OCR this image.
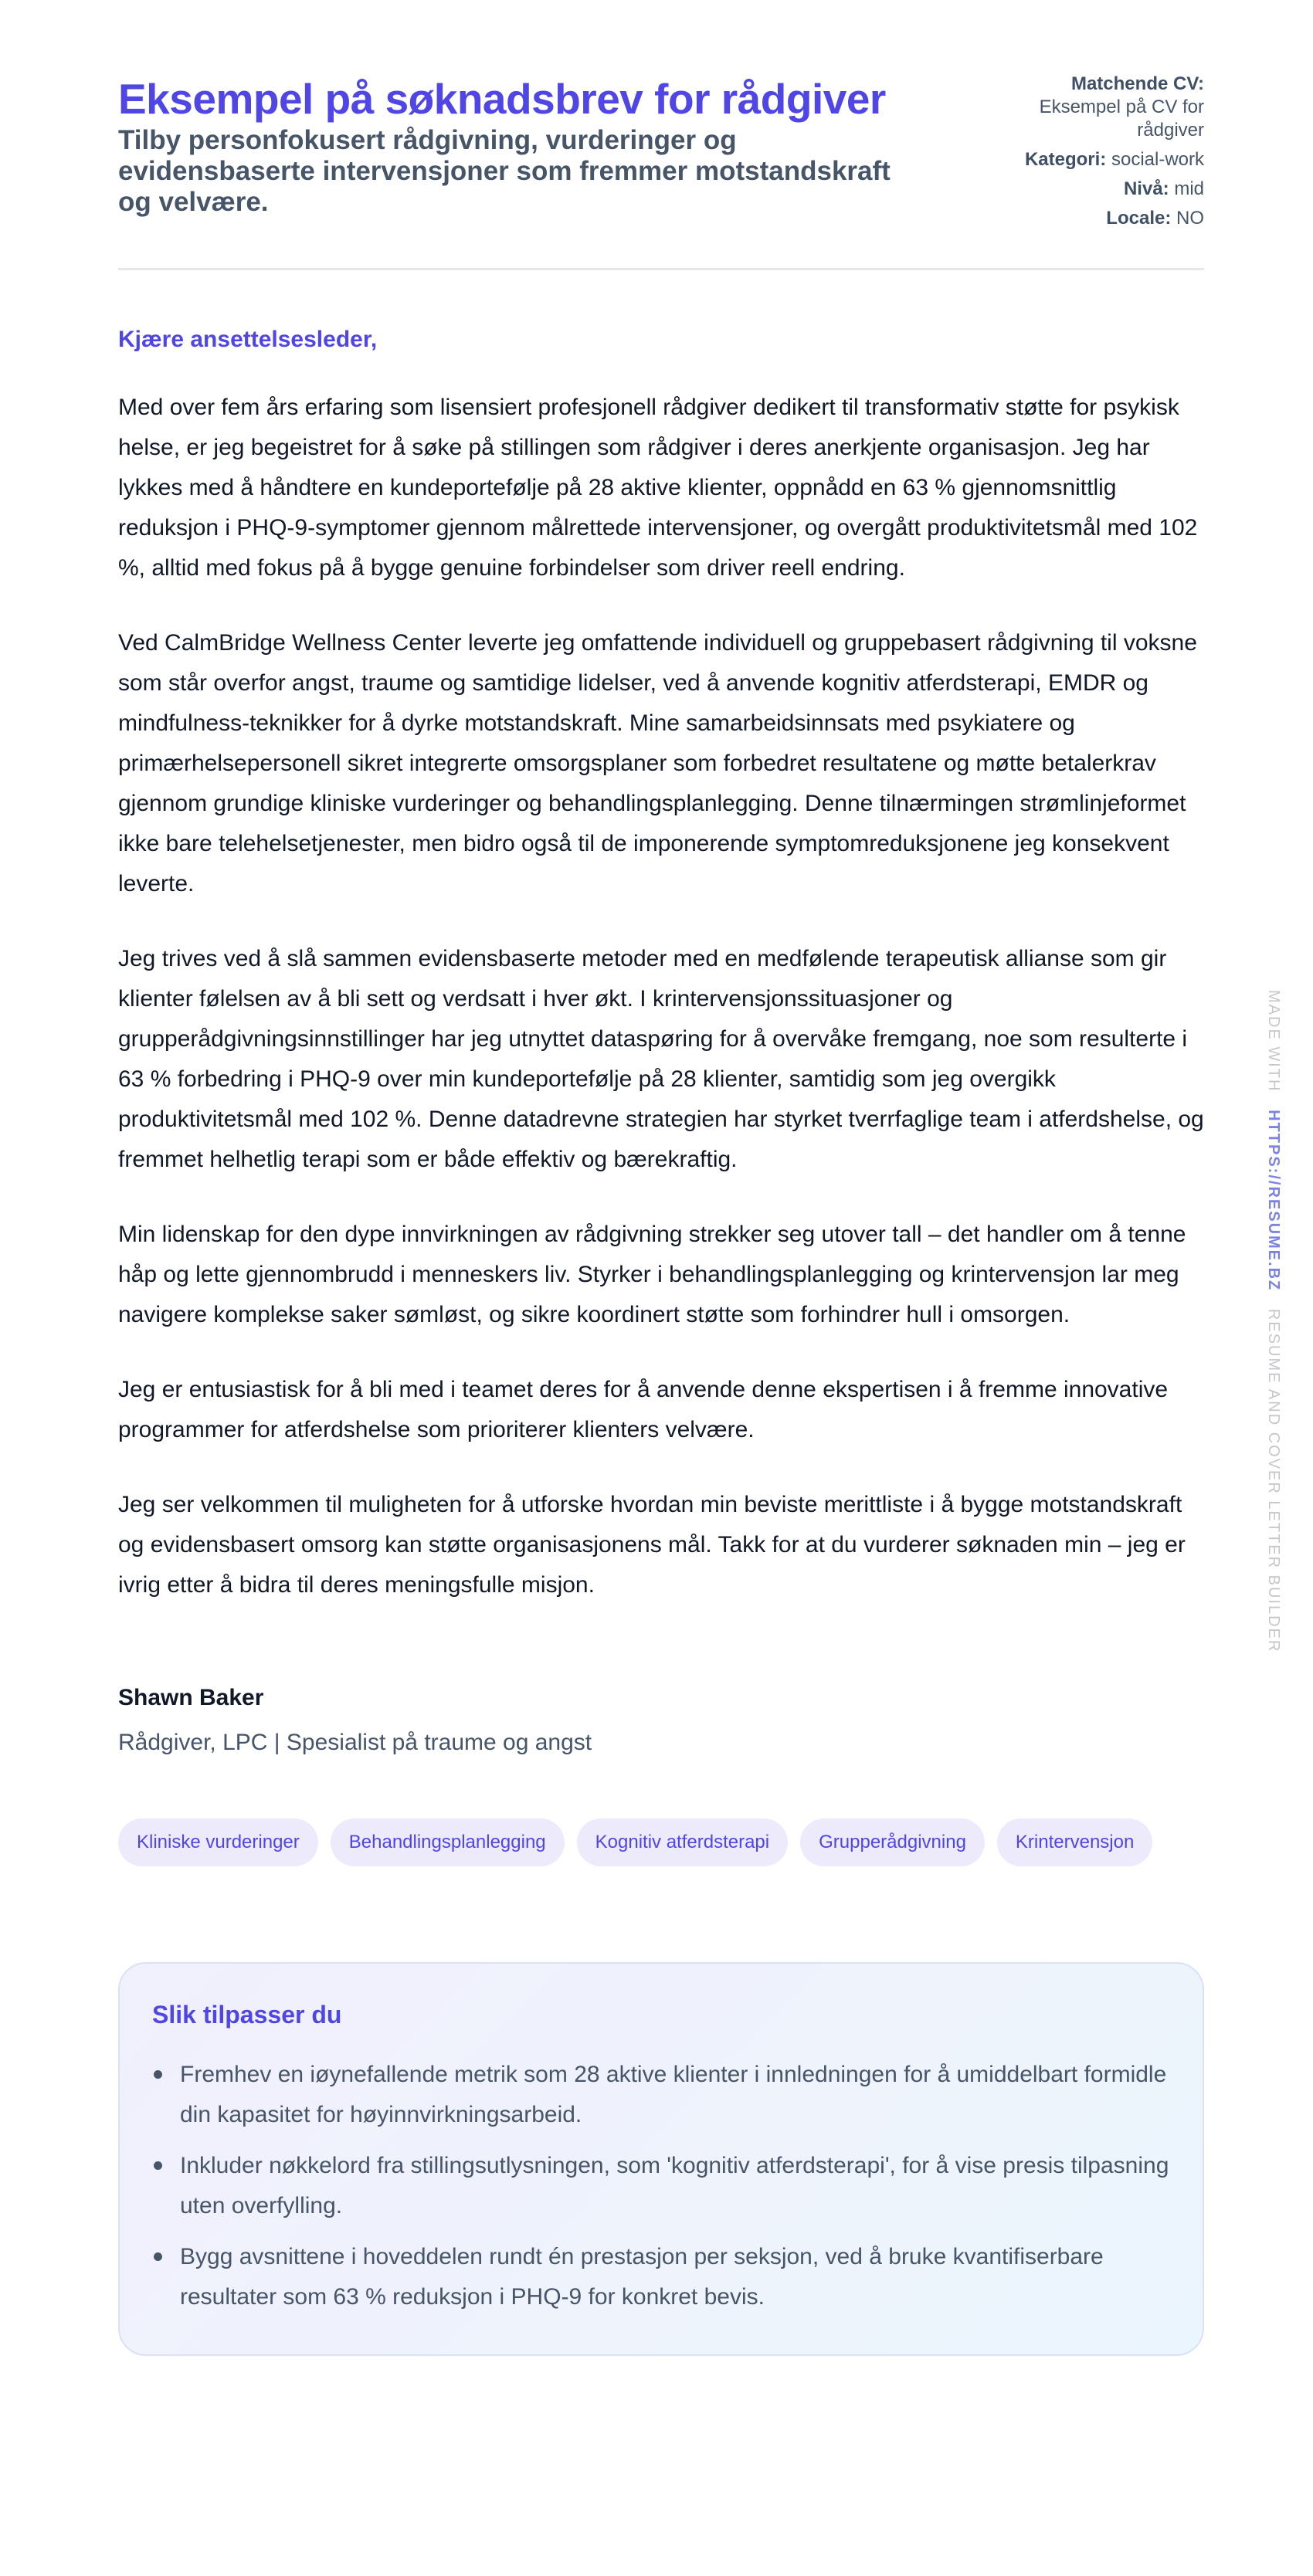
Eksempel på søknadsbrev for rådgiver
Tilby personfokusert rådgivning, vurderinger og evidensbaserte intervensjoner som fremmer motstandskraft og velvære.
Matchende CV:
Eksempel på CV for rådgiver
Kategori: social-work
Nivå: mid
Locale: NO

Kjære ansettelsesleder,

Med over fem års erfaring som lisensiert profesjonell rådgiver dedikert til transformativ støtte for psykisk helse, er jeg begeistret for å søke på stillingen som rådgiver i deres anerkjente organisasjon. Jeg har lykkes med å håndtere en kundeportefølje på 28 aktive klienter, oppnådd en 63 % gjennomsnittlig reduksjon i PHQ-9-symptomer gjennom målrettede intervensjoner, og overgått produktivitetsmål med 102 %, alltid med fokus på å bygge genuine forbindelser som driver reell endring.

Ved CalmBridge Wellness Center leverte jeg omfattende individuell og gruppebasert rådgivning til voksne som står overfor angst, traume og samtidige lidelser, ved å anvende kognitiv atferdsterapi, EMDR og mindfulness-teknikker for å dyrke motstandskraft. Mine samarbeidsinnsats med psykiatere og primærhelsepersonell sikret integrerte omsorgsplaner som forbedret resultatene og møtte betalerkrav gjennom grundige kliniske vurderinger og behandlingsplanlegging. Denne tilnærmingen strømlinjeformet ikke bare telehelsetjenester, men bidro også til de imponerende symptomreduksjonene jeg konsekvent leverte.

Jeg trives ved å slå sammen evidensbaserte metoder med en medfølende terapeutisk allianse som gir klienter følelsen av å bli sett og verdsatt i hver økt. I krintervensjonssituasjoner og grupperådgivningsinnstillinger har jeg utnyttet dataspøring for å overvåke fremgang, noe som resulterte i 63 % forbedring i PHQ-9 over min kundeportefølje på 28 klienter, samtidig som jeg overgikk produktivitetsmål med 102 %. Denne datadrevne strategien har styrket tverrfaglige team i atferdshelse, og fremmet helhetlig terapi som er både effektiv og bærekraftig.

Min lidenskap for den dype innvirkningen av rådgivning strekker seg utover tall – det handler om å tenne håp og lette gjennombrudd i menneskers liv. Styrker i behandlingsplanlegging og krintervensjon lar meg navigere komplekse saker sømløst, og sikre koordinert støtte som forhindrer hull i omsorgen.

Jeg er entusiastisk for å bli med i teamet deres for å anvende denne ekspertisen i å fremme innovative programmer for atferdshelse som prioriterer klienters velvære.

Jeg ser velkommen til muligheten for å utforske hvordan min beviste merittliste i å bygge motstandskraft og evidensbasert omsorg kan støtte organisasjonens mål. Takk for at du vurderer søknaden min – jeg er ivrig etter å bidra til deres meningsfulle misjon.

Shawn Baker
Rådgiver, LPC | Spesialist på traume og angst
Kliniske vurderinger	Behandlingsplanlegging	Kognitiv atferdsterapi	Grupperådgivning	Krintervensjon
Slik tilpasser du
Fremhev en iøynefallende metrik som 28 aktive klienter i innledningen for å umiddelbart formidle din kapasitet for høyinnvirkningsarbeid.
Inkluder nøkkelord fra stillingsutlysningen, som 'kognitiv atferdsterapi', for å vise presis tilpasning uten overfylling.
Bygg avsnittene i hoveddelen rundt én prestasjon per seksjon, ved å bruke kvantifiserbare resultater som 63 % reduksjon i PHQ-9 for konkret bevis.
MADE WITH   HTTPS://RESUME.BZ   RESUME AND COVER LETTER BUILDER
